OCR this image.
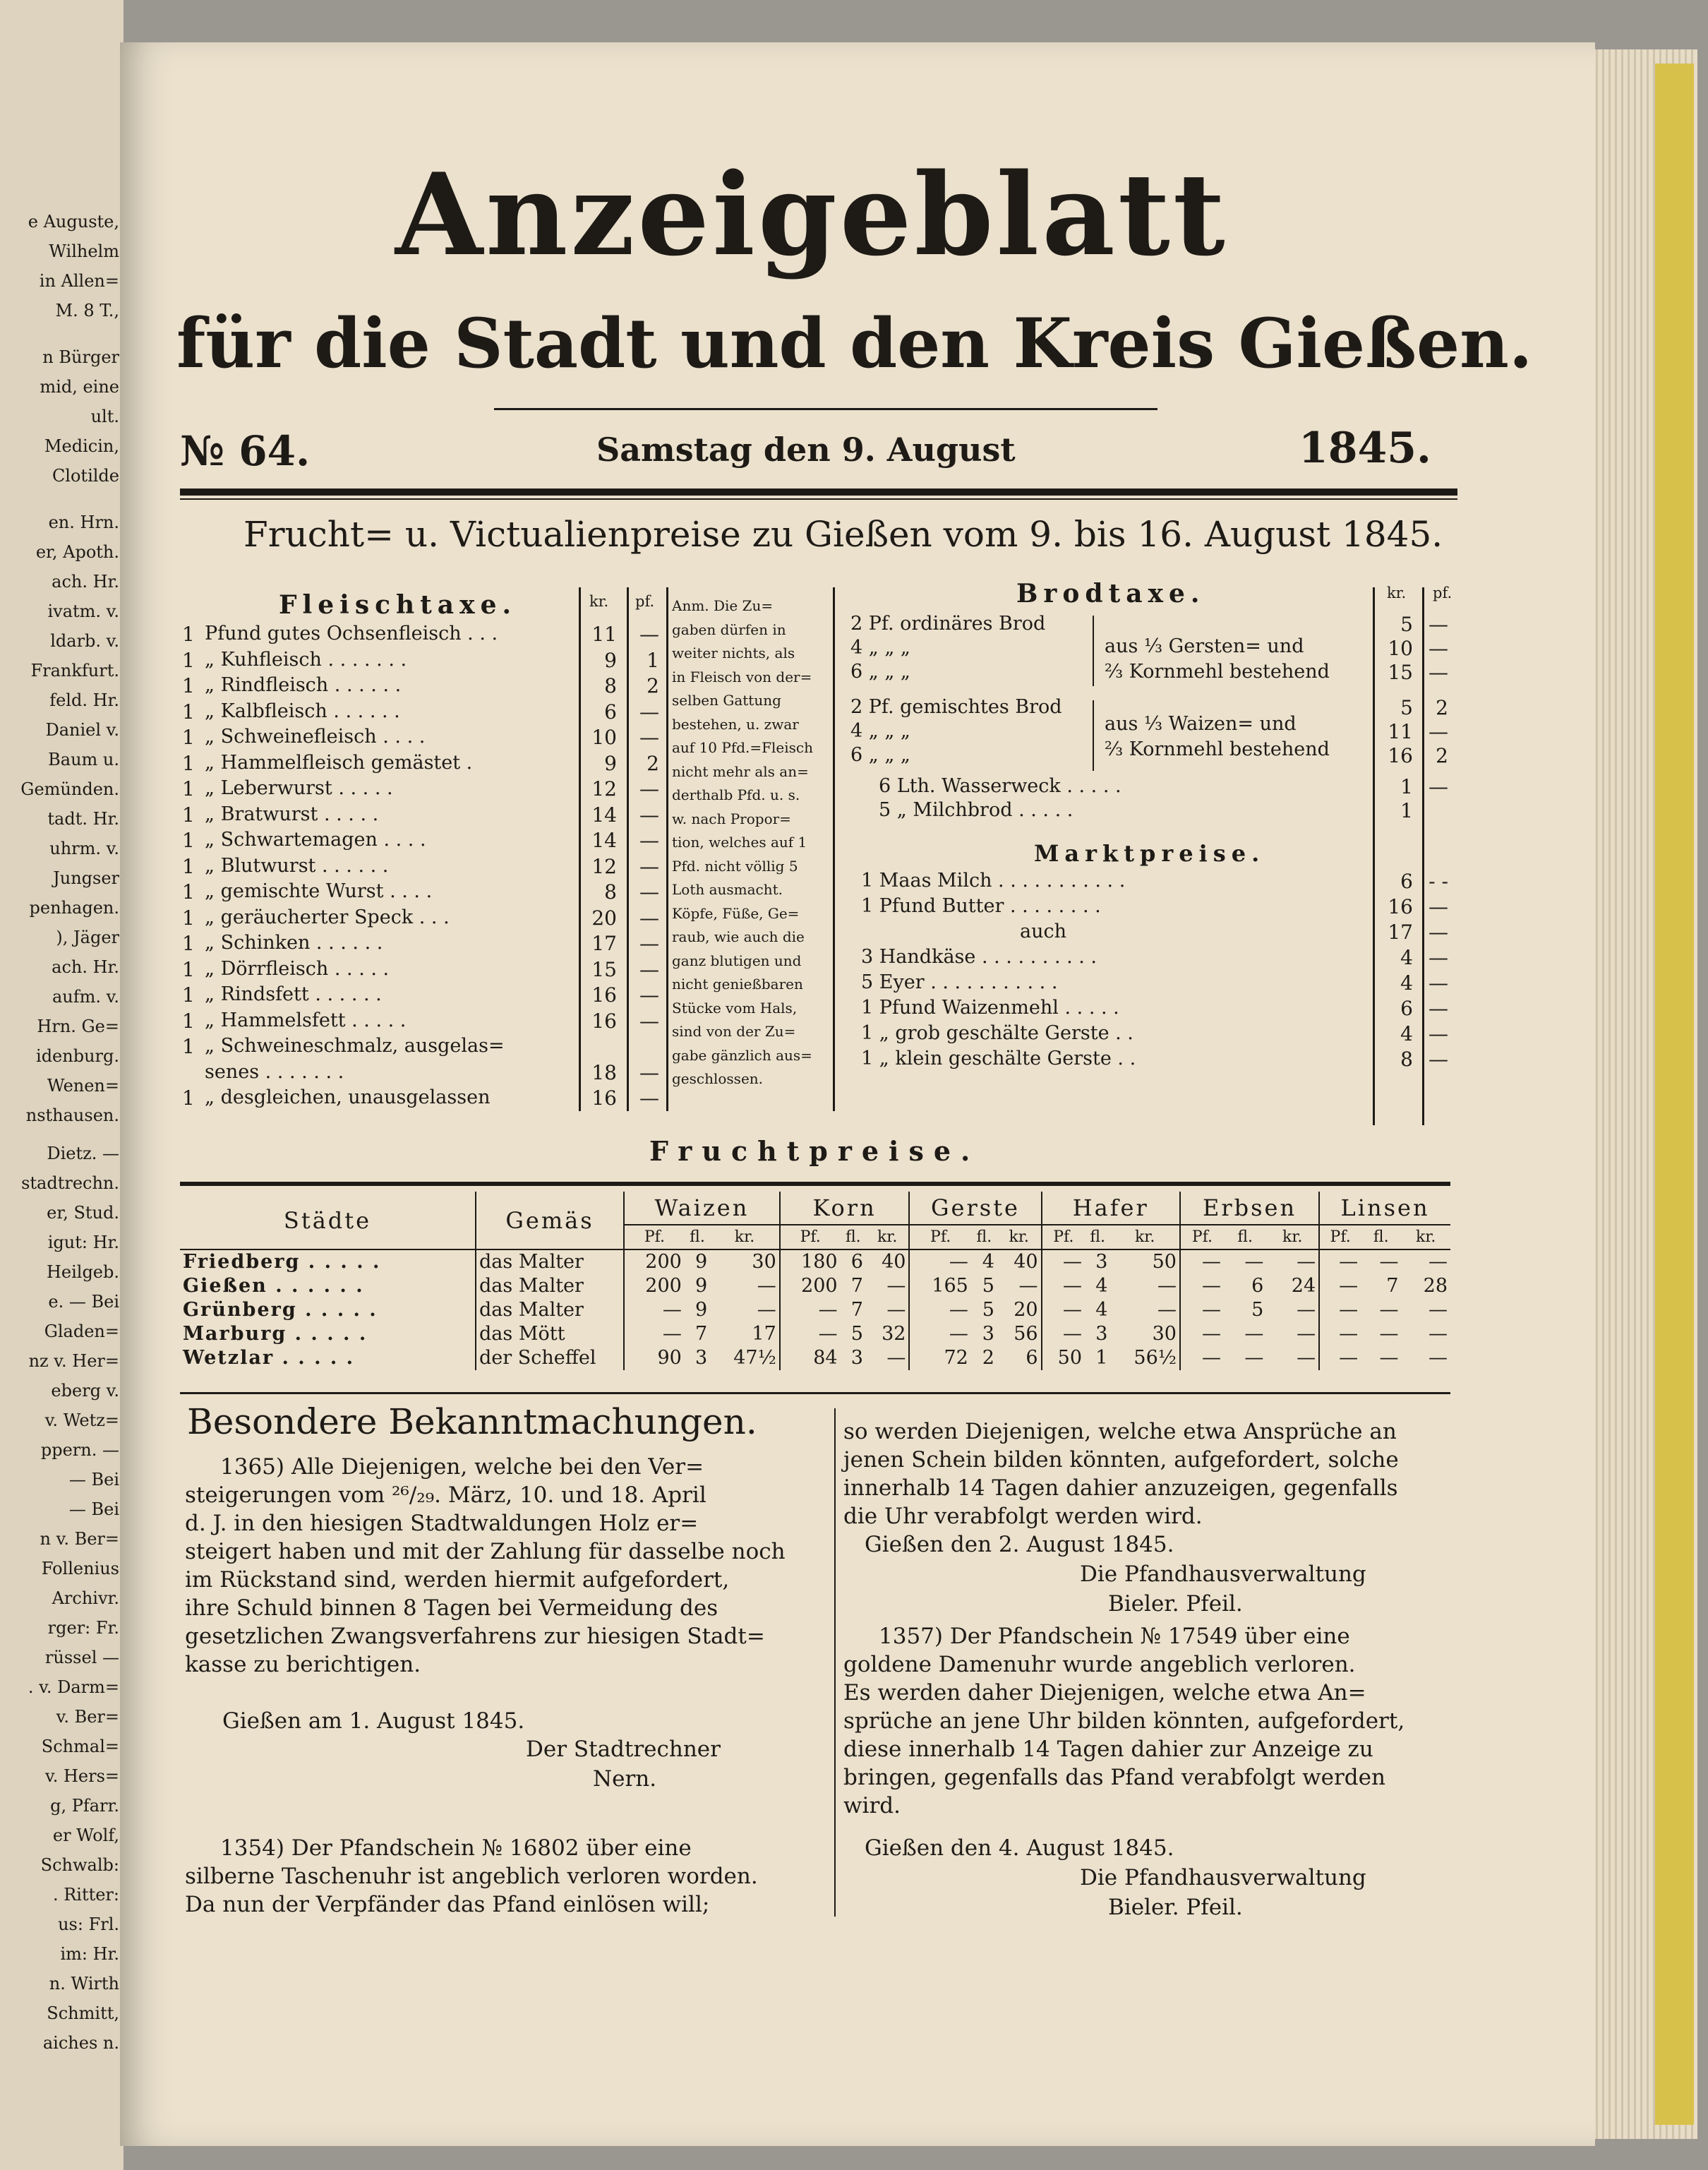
e Auguste,
Wilhelm
in Allen=
M. 8 T.,
n Bürger
mid, eine
ult.
Medicin,
Clotilde
en. Hrn.
er, Apoth.
ach. Hr.
ivatm. v.
ldarb. v.
Frankfurt.
feld. Hr.
Daniel v.
Baum u.
Gemünden.
tadt. Hr.
uhrm. v.
Jungser
penhagen.
), Jäger
ach. Hr.
aufm. v.
Hrn. Ge=
idenburg.
Wenen=
nsthausen.
Dietz. —
stadtrechn.
er, Stud.
igut: Hr.
Heilgeb.
e. — Bei
Gladen=
nz v. Her=
eberg v.
v. Wetz=
ppern. —
— Bei
— Bei
n v. Ber=
Follenius
Archivr.
rger: Fr.
rüssel —
. v. Darm=
v. Ber=
Schmal=
v. Hers=
g, Pfarr.
er Wolf,
Schwalb:
. Ritter:
us: Frl.
im: Hr.
n. Wirth
Schmitt,
aiches n.
Anzeigeblatt
für die Stadt und den Kreis Gießen.
№ 64.	Samstag den 9. August	1845.
Frucht= u. Victualienpreise zu Gießen vom 9. bis 16. August 1845.
Fleischtaxe.	kr. pf.
1 Pfund gutes Ochsenfleisch . . .	11	—
1 „ Kuhfleisch . . . . . . .	9	1
1 „ Rindfleisch . . . . . .	8	2
1 „ Kalbfleisch . . . . . .	6	—
1 „ Schweinefleisch . . . .	10	—
1 „ Hammelfleisch gemästet .	9	2
1 „ Leberwurst . . . . .	12	—
1 „ Bratwurst . . . . .	14	—
1 „ Schwartemagen . . . .	14	—
1 „ Blutwurst . . . . . .	12	—
1 „ gemischte Wurst . . . .	8	—
1 „ geräucherter Speck . . .	20	—
1 „ Schinken . . . . . .	17	—
1 „ Dörrfleisch . . . . .	15	—
1 „ Rindsfett . . . . . .	16	—
1 „ Hammelsfett . . . . .	16	—
1 „ Schweineschmalz, ausgelas=
senes . . . . . . .	18	—
1 „ desgleichen, unausgelassen	16	—
Anm. Die Zu=
gaben dürfen in
weiter nichts, als
in Fleisch von der=
selben Gattung
bestehen, u. zwar
auf 10 Pfd.=Fleisch
nicht mehr als an=
derthalb Pfd. u. s.
w. nach Propor=
tion, welches auf 1
Pfd. nicht völlig 5
Loth ausmacht.
Köpfe, Füße, Ge=
raub, wie auch die
ganz blutigen und
nicht genießbaren
Stücke vom Hals,
sind von der Zu=
gabe gänzlich aus=
geschlossen.
Brodtaxe.	kr. pf.
2 Pf. ordinäres Brod	5 —
4 „ „ „	10 —
6 „ „ „	15 —
2 Pf. gemischtes Brod	5	2
4 „ „ „	11 —
6 „ „ „	16	2
6 Lth. Wasserweck . . . . .	1 —
5 „ Milchbrod . . . . .	1
aus ⅓ Gersten= und
⅔ Kornmehl bestehend
aus ⅓ Waizen= und
⅔ Kornmehl bestehend
Marktpreise.
1 Maas Milch . . . . . . . . . . .	6 - -
1 Pfund Butter . . . . . . . .	16 —
auch	17 —
3 Handkäse . . . . . . . . . .	4 —
5 Eyer . . . . . . . . . . .	4 —
1 Pfund Waizenmehl . . . . .	6 —
1 „ grob geschälte Gerste . .	4 —
1 „ klein geschälte Gerste . .	8 —
Fruchtpreise.
Städte	Gemäs	Waizen			Korn			Gerste			Hafer			Erbsen			Linsen		
		Pf.	fl.	kr.	Pf.	fl.	kr.	Pf.	fl.	kr.	Pf.	fl.	kr.	Pf.	fl.	kr.	Pf.	fl.	kr.
Friedberg . . . . .	das Malter	200	9	30	180	6	40	—	4	40	—	3	50	—	—	—	—	—	—
Gießen . . . . . .	das Malter	200	9	—	200	7	—	165	5	—	—	4	—	—	6	24	—	7	28
Grünberg . . . . .	das Malter	—	9	—	—	7	—	—	5	20	—	4	—	—	5	—	—	—	—
Marburg . . . . .	das Mött	—	7	17	—	5	32	—	3	56	—	3	30	—	—	—	—	—	—
Wetzlar . . . . .	der Scheffel	90	3	47½	84	3	—	72	2	6	50	1	56½	—	—	—	—	—	—
Besondere Bekanntmachungen.

1365) Alle Diejenigen, welche bei den Ver=

steigerungen vom ²⁶/₂₉. März, 10. und 18. April

d. J. in den hiesigen Stadtwaldungen Holz er=

steigert haben und mit der Zahlung für dasselbe noch

im Rückstand sind, werden hiermit aufgefordert,

ihre Schuld binnen 8 Tagen bei Vermeidung des

gesetzlichen Zwangsverfahrens zur hiesigen Stadt=

kasse zu berichtigen.

Gießen am 1. August 1845.
Der Stadtrechner
Nern.

1354) Der Pfandschein № 16802 über eine

silberne Taschenuhr ist angeblich verloren worden.

Da nun der Verpfänder das Pfand einlösen will;

so werden Diejenigen, welche etwa Ansprüche an

jenen Schein bilden könnten, aufgefordert, solche

innerhalb 14 Tagen dahier anzuzeigen, gegenfalls

die Uhr verabfolgt werden wird.

Gießen den 2. August 1845.
Die Pfandhausverwaltung
Bieler. Pfeil.

1357) Der Pfandschein № 17549 über eine

goldene Damenuhr wurde angeblich verloren.

Es werden daher Diejenigen, welche etwa An=

sprüche an jene Uhr bilden könnten, aufgefordert,

diese innerhalb 14 Tagen dahier zur Anzeige zu

bringen, gegenfalls das Pfand verabfolgt werden

wird.

Gießen den 4. August 1845.
Die Pfandhausverwaltung
Bieler. Pfeil.
